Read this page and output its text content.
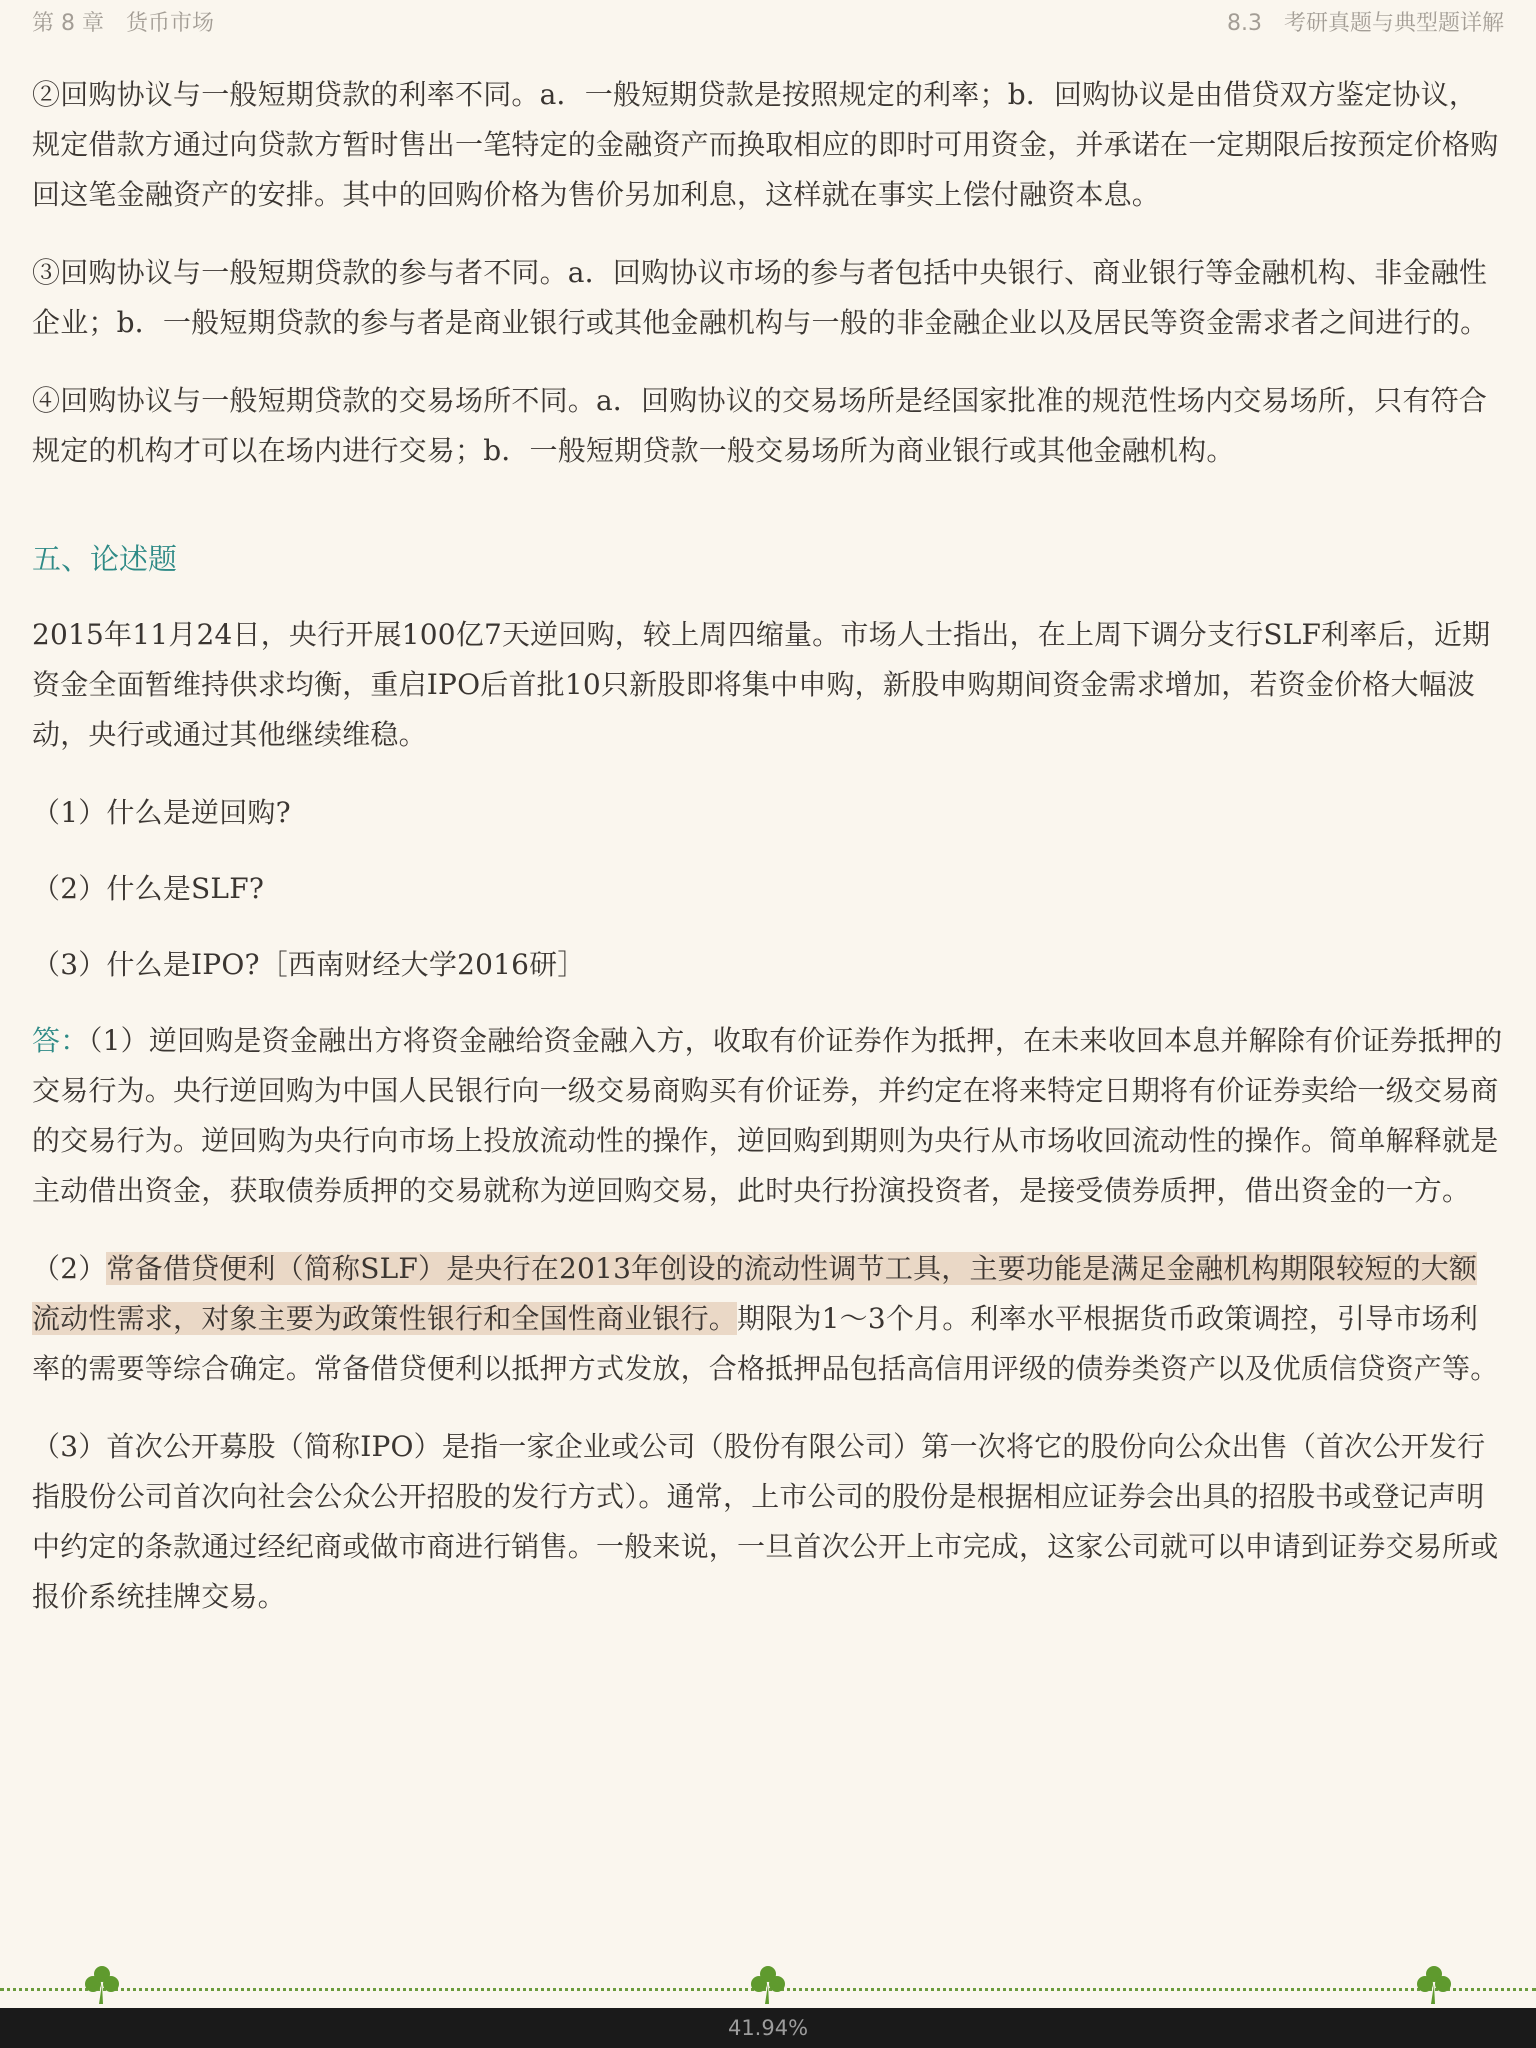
第 8 章　货币市场	8.3　考研真题与典型题详解

②回购协议与一般短期贷款的利率不同。a．一般短期贷款是按照规定的利率；b．回购协议是由借贷双方鉴定协议，规定借款方通过向贷款方暂时售出一笔特定的金融资产而换取相应的即时可用资金，并承诺在一定期限后按预定价格购回这笔金融资产的安排。其中的回购价格为售价另加利息，这样就在事实上偿付融资本息。

③回购协议与一般短期贷款的参与者不同。a．回购协议市场的参与者包括中央银行、商业银行等金融机构、非金融性企业；b．一般短期贷款的参与者是商业银行或其他金融机构与一般的非金融企业以及居民等资金需求者之间进行的。

④回购协议与一般短期贷款的交易场所不同。a．回购协议的交易场所是经国家批准的规范性场内交易场所，只有符合规定的机构才可以在场内进行交易；b．一般短期贷款一般交易场所为商业银行或其他金融机构。

五、论述题

2015年11月24日，央行开展100亿7天逆回购，较上周四缩量。市场人士指出，在上周下调分支行SLF利率后，近期资金全面暂维持供求均衡，重启IPO后首批10只新股即将集中申购，新股申购期间资金需求增加，若资金价格大幅波动，央行或通过其他继续维稳。

（1）什么是逆回购?

（2）什么是SLF?

（3）什么是IPO?［西南财经大学2016研］

答：（1）逆回购是资金融出方将资金融给资金融入方，收取有价证券作为抵押，在未来收回本息并解除有价证券抵押的交易行为。央行逆回购为中国人民银行向一级交易商购买有价证券，并约定在将来特定日期将有价证券卖给一级交易商的交易行为。逆回购为央行向市场上投放流动性的操作，逆回购到期则为央行从市场收回流动性的操作。简单解释就是主动借出资金，获取债券质押的交易就称为逆回购交易，此时央行扮演投资者，是接受债券质押，借出资金的一方。

（2）常备借贷便利（简称SLF）是央行在2013年创设的流动性调节工具，主要功能是满足金融机构期限较短的大额流动性需求，对象主要为政策性银行和全国性商业银行。期限为1～3个月。利率水平根据货币政策调控，引导市场利率的需要等综合确定。常备借贷便利以抵押方式发放，合格抵押品包括高信用评级的债券类资产以及优质信贷资产等。

（3）首次公开募股（简称IPO）是指一家企业或公司（股份有限公司）第一次将它的股份向公众出售（首次公开发行指股份公司首次向社会公众公开招股的发行方式）。通常，上市公司的股份是根据相应证券会出具的招股书或登记声明中约定的条款通过经纪商或做市商进行销售。一般来说，一旦首次公开上市完成，这家公司就可以申请到证券交易所或报价系统挂牌交易。

41.94%
